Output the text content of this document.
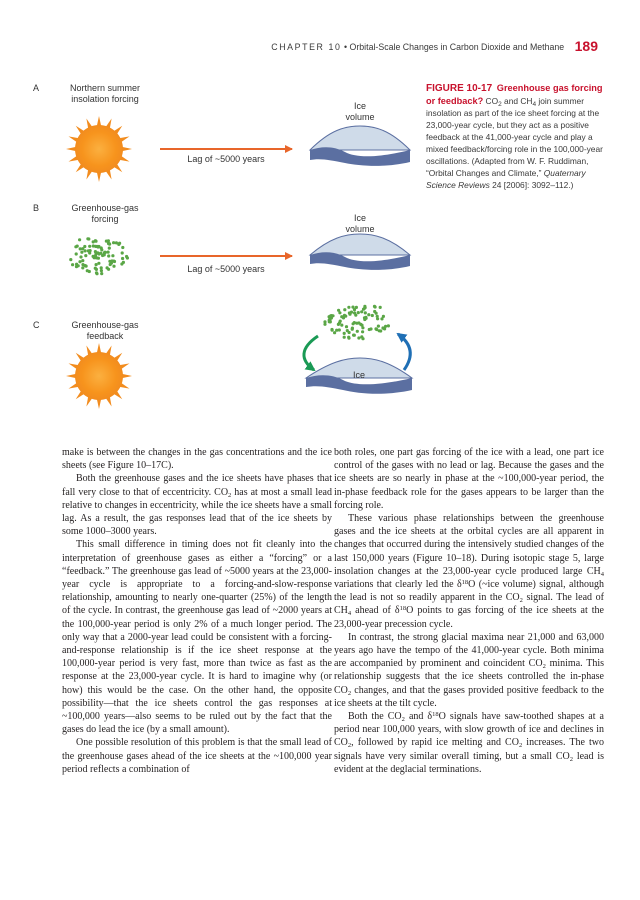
CHAPTER 10 • Orbital-Scale Changes in Carbon Dioxide and Methane 189
A	Northern summer
insolation forcing
Ice
volume
Lag of ~5000 years
B	Greenhouse-gas
forcing	Ice
volume
Lag of ~5000 years
C	Greenhouse-gas
feedback
Ice
FIGURE 10-17 Greenhouse gas forcing or feedback? $CO_2$ and $CH_4$ join summer insolation as part of the ice sheet forcing at the 23,000-year cycle, but they act as a positive feedback at the 41,000-year cycle and play a mixed feedback/forcing role in the 100,000-year oscillations. (Adapted from W. F. Ruddiman, “Orbital Changes and Climate,” Quaternary Science Reviews 24 [2006]: 3092–112.)

make is between the changes in the gas concentrations and the ice sheets (see Figure 10–17C).

Both the greenhouse gases and the ice sheets have phases that fall very close to that of eccentricity. $CO_2$ has at most a small lead relative to changes in eccentricity, while the ice sheets have a small lag. As a result, the gas responses lead that of the ice sheets by some 1000–3000 years.

This small difference in timing does not fit cleanly into the interpretation of greenhouse gases as either a “forcing” or a “feedback.” The greenhouse gas lead of ~5000 years at the 23,000-year cycle is appropriate to a forcing-and-slow-response relationship, amounting to nearly one-quarter (25%) of the length of the cycle. In contrast, the greenhouse gas lead of ~2000 years at the 100,000-year period is only 2% of a much longer period. The only way that a 2000-year lead could be consistent with a forcing-and-response relationship is if the ice sheet response at the 100,000-year period is very fast, more than twice as fast as the response at the 23,000-year cycle. It is hard to imagine why (or how) this would be the case. On the other hand, the opposite possibility—that the ice sheets control the gas responses at ~100,000 years—also seems to be ruled out by the fact that the gases do lead the ice (by a small amount).

One possible resolution of this problem is that the small lead of the greenhouse gases ahead of the ice sheets at the ~100,000 year period reflects a combination of

both roles, one part gas forcing of the ice with a lead, one part ice control of the gases with no lead or lag. Because the gases and the ice sheets are so nearly in phase at the ~100,000-year period, the in-phase feedback role for the gases appears to be larger than the forcing role.

These various phase relationships between the greenhouse gases and the ice sheets at the orbital cycles are all apparent in changes that occurred during the intensively studied changes of the last 150,000 years (Figure 10–18). During isotopic stage 5, large insolation changes at the 23,000-year cycle produced large $CH_4$ variations that clearly led the $\delta^{18}O$ (~ice volume) signal, although the lead is not so readily apparent in the $CO_2$ signal. The lead of $CH_4$ ahead of $\delta^{18}O$ points to gas forcing of the ice sheets at the 23,000-year precession cycle.

In contrast, the strong glacial maxima near 21,000 and 63,000 years ago have the tempo of the 41,000-year cycle. Both minima are accompanied by prominent and coincident $CO_2$ minima. This relationship suggests that the ice sheets controlled the in-phase $CO_2$ changes, and that the gases provided positive feedback to the ice sheets at the tilt cycle.

Both the $CO_2$ and $\delta^{18}O$ signals have saw-toothed shapes at a period near 100,000 years, with slow growth of ice and declines in $CO_2$, followed by rapid ice melting and $CO_2$ increases. The two signals have very similar overall timing, but a small $CO_2$ lead is evident at the deglacial terminations.
